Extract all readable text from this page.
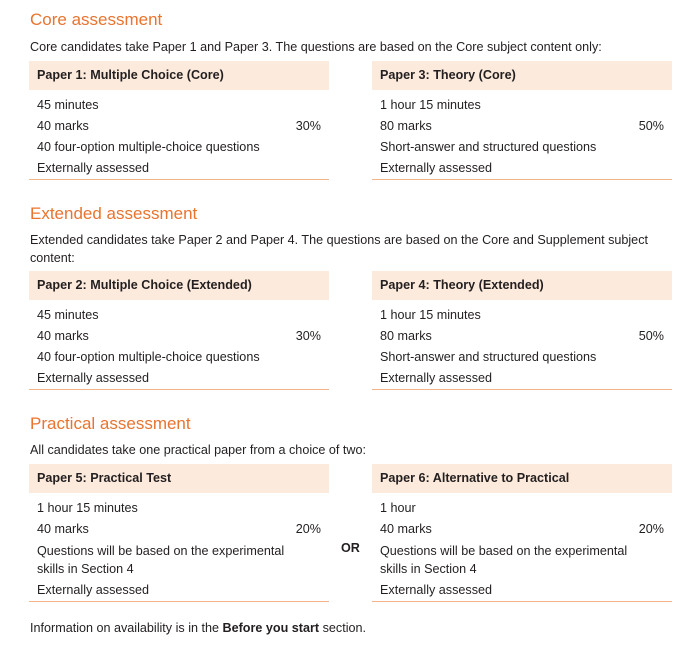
Core assessment

Core candidates take Paper 1 and Paper 3. The questions are based on the Core subject content only:

Paper 1: Multiple Choice (Core)
45 minutes
40 marks	30%
40 four-option multiple-choice questions
Externally assessed
Paper 3: Theory (Core)
1 hour 15 minutes
80 marks	50%
Short-answer and structured questions
Externally assessed
Extended assessment

Extended candidates take Paper 2 and Paper 4. The questions are based on the Core and Supplement subject content:

Paper 2: Multiple Choice (Extended)
45 minutes
40 marks	30%
40 four-option multiple-choice questions
Externally assessed
Paper 4: Theory (Extended)
1 hour 15 minutes
80 marks	50%
Short-answer and structured questions
Externally assessed
Practical assessment

All candidates take one practical paper from a choice of two:

Paper 5: Practical Test
1 hour 15 minutes
40 marks	20%
Questions will be based on the experimental
skills in Section 4
Externally assessed
OR
Paper 6: Alternative to Practical
1 hour
40 marks	20%
Questions will be based on the experimental
skills in Section 4
Externally assessed

Information on availability is in the Before you start section.
